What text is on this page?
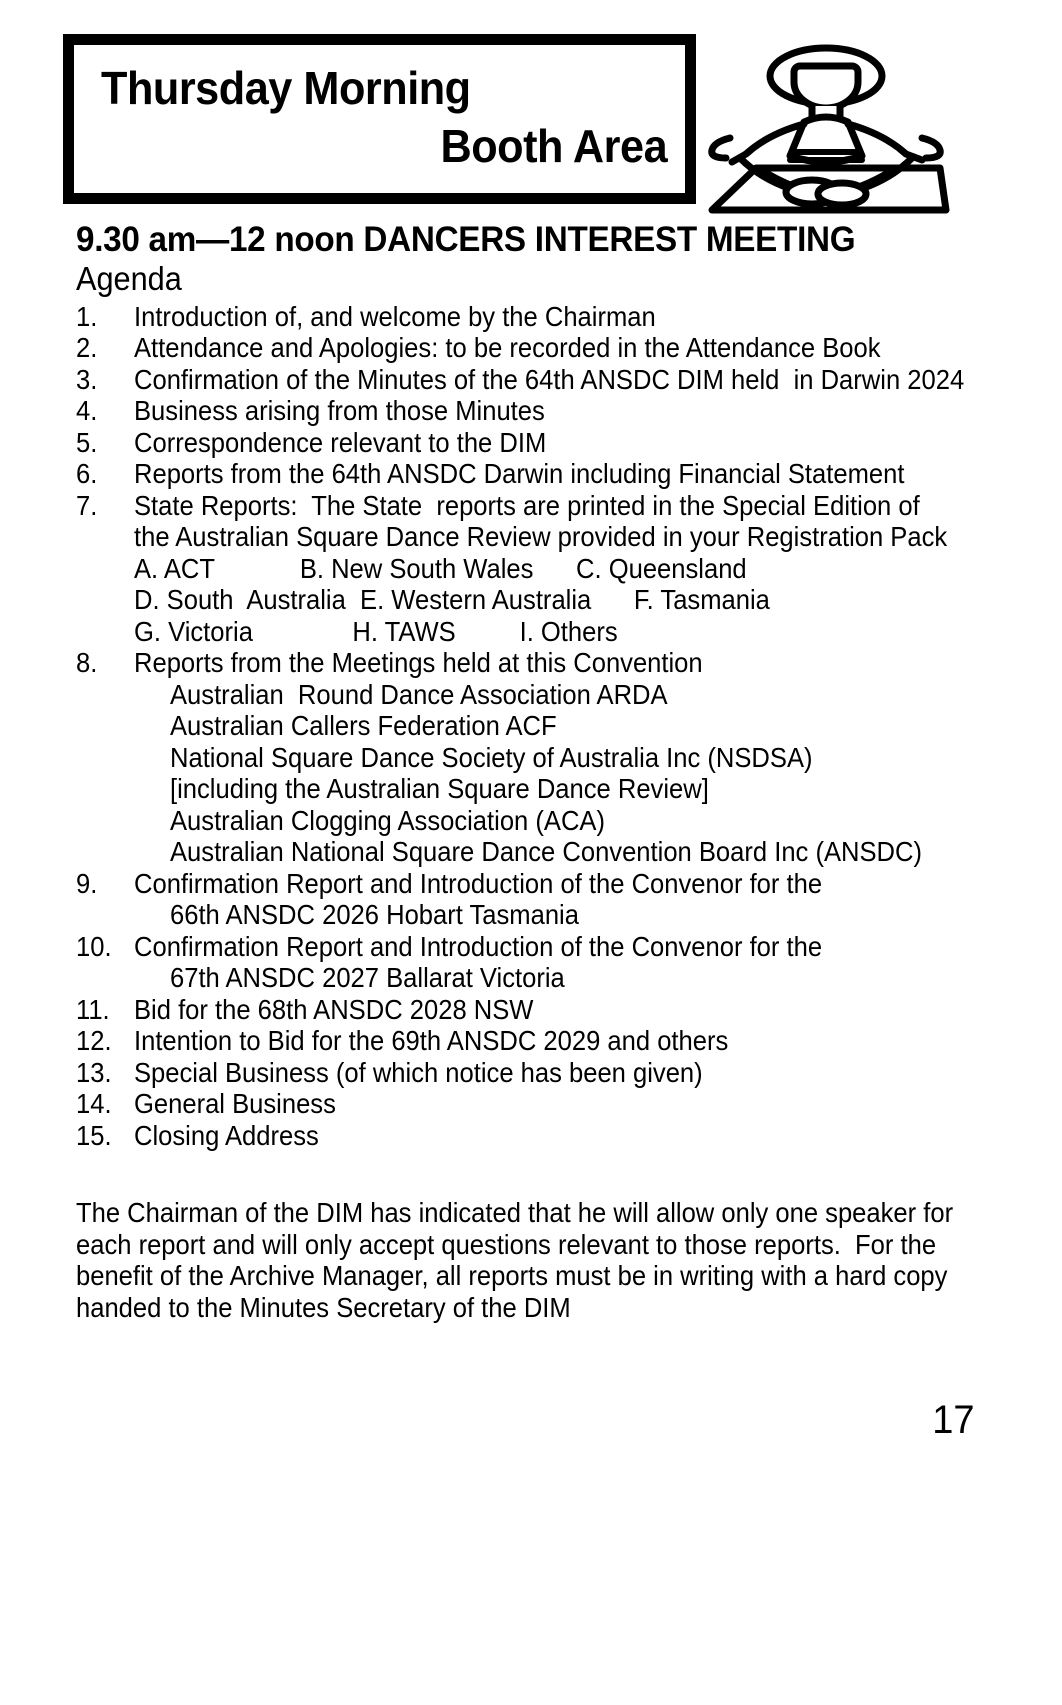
Thursday Morning
Booth Area
9.30 am—12 noon DANCERS INTEREST MEETING
Agenda
1.	Introduction of, and welcome by the Chairman
2.	Attendance and Apologies: to be recorded in the Attendance Book
3.	Confirmation of the Minutes of the 64th ANSDC DIM held  in Darwin 2024
4.	Business arising from those Minutes
5.	Correspondence relevant to the DIM
6.	Reports from the 64th ANSDC Darwin including Financial Statement
7.	State Reports:  The State  reports are printed in the Special Edition of
the Australian Square Dance Review provided in your Registration Pack
A. ACT            B. New South Wales      C. Queensland
D. South  Australia  E. Western Australia      F. Tasmania
G. Victoria              H. TAWS         I. Others
8.	Reports from the Meetings held at this Convention
Australian  Round Dance Association ARDA
Australian Callers Federation ACF
National Square Dance Society of Australia Inc (NSDSA)
[including the Australian Square Dance Review]
Australian Clogging Association (ACA)
Australian National Square Dance Convention Board Inc (ANSDC)
9.	Confirmation Report and Introduction of the Convenor for the
66th ANSDC 2026 Hobart Tasmania
10. Confirmation Report and Introduction of the Convenor for the
67th ANSDC 2027 Ballarat Victoria
11. Bid for the 68th ANSDC 2028 NSW
12. Intention to Bid for the 69th ANSDC 2029 and others
13. Special Business (of which notice has been given)
14. General Business
15. Closing Address
The Chairman of the DIM has indicated that he will allow only one speaker for
each report and will only accept questions relevant to those reports.  For the
benefit of the Archive Manager, all reports must be in writing with a hard copy
handed to the Minutes Secretary of the DIM
17
